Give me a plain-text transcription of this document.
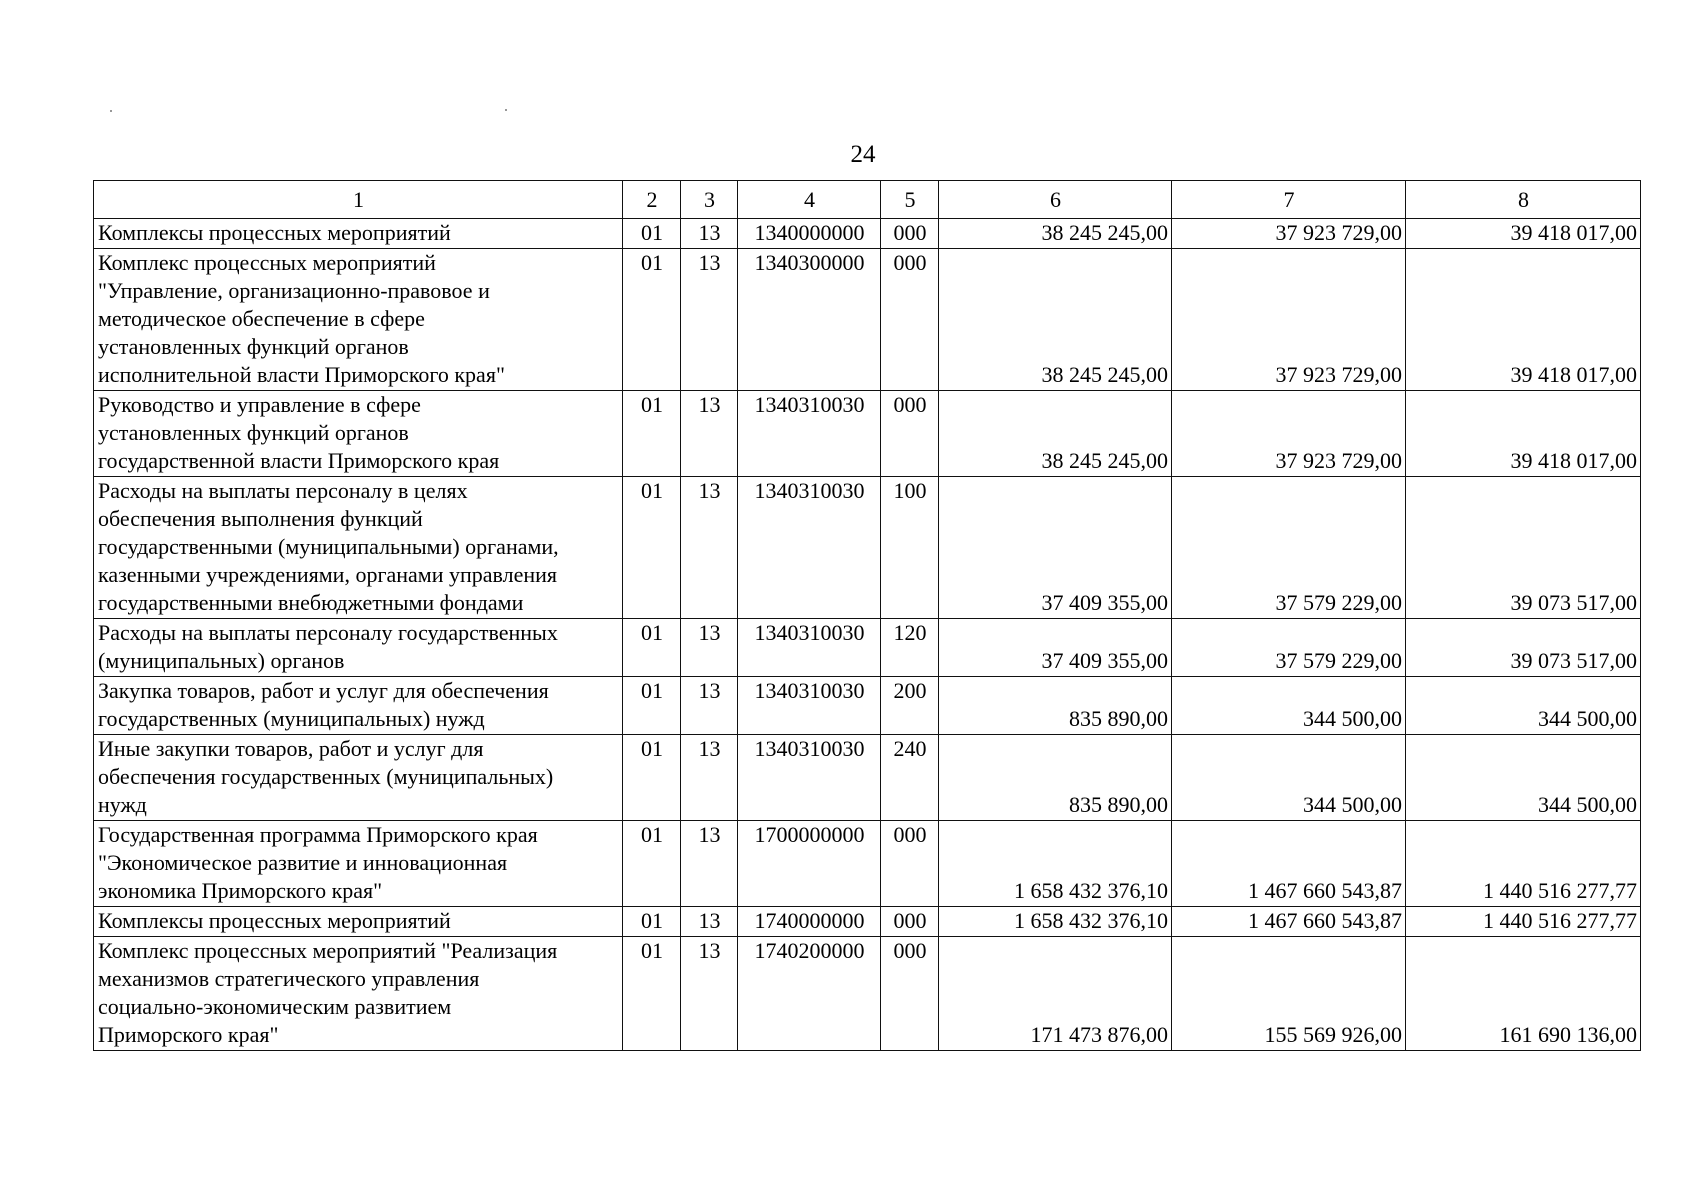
24
1	2	3	4	5	6	7	8

Комплексы процессных мероприятий	01	13	1340000000	000	38 245 245,00	37 923 729,00	39 418 017,00

Комплекс процессных мероприятий
"Управление, организационно-правовое и
методическое обеспечение в сфере
установленных функций органов
исполнительной власти Приморского края"	01	13	1340300000	000	38 245 245,00	37 923 729,00	39 418 017,00

Руководство и управление в сфере
установленных функций органов
государственной власти Приморского края	01	13	1340310030	000	38 245 245,00	37 923 729,00	39 418 017,00

Расходы на выплаты персоналу в целях
обеспечения выполнения функций
государственными (муниципальными) органами,
казенными учреждениями, органами управления
государственными внебюджетными фондами	01	13	1340310030	100	37 409 355,00	37 579 229,00	39 073 517,00

Расходы на выплаты персоналу государственных
(муниципальных) органов	01	13	1340310030	120	37 409 355,00	37 579 229,00	39 073 517,00

Закупка товаров, работ и услуг для обеспечения
государственных (муниципальных) нужд	01	13	1340310030	200	835 890,00	344 500,00	344 500,00

Иные закупки товаров, работ и услуг для
обеспечения государственных (муниципальных)
нужд	01	13	1340310030	240	835 890,00	344 500,00	344 500,00

Государственная программа Приморского края
"Экономическое развитие и инновационная
экономика Приморского края"	01	13	1700000000	000	1 658 432 376,10	1 467 660 543,87	1 440 516 277,77

Комплексы процессных мероприятий	01	13	1740000000	000	1 658 432 376,10	1 467 660 543,87	1 440 516 277,77

Комплекс процессных мероприятий "Реализация
механизмов стратегического управления
социально-экономическим развитием
Приморского края"	01	13	1740200000	000	171 473 876,00	155 569 926,00	161 690 136,00
